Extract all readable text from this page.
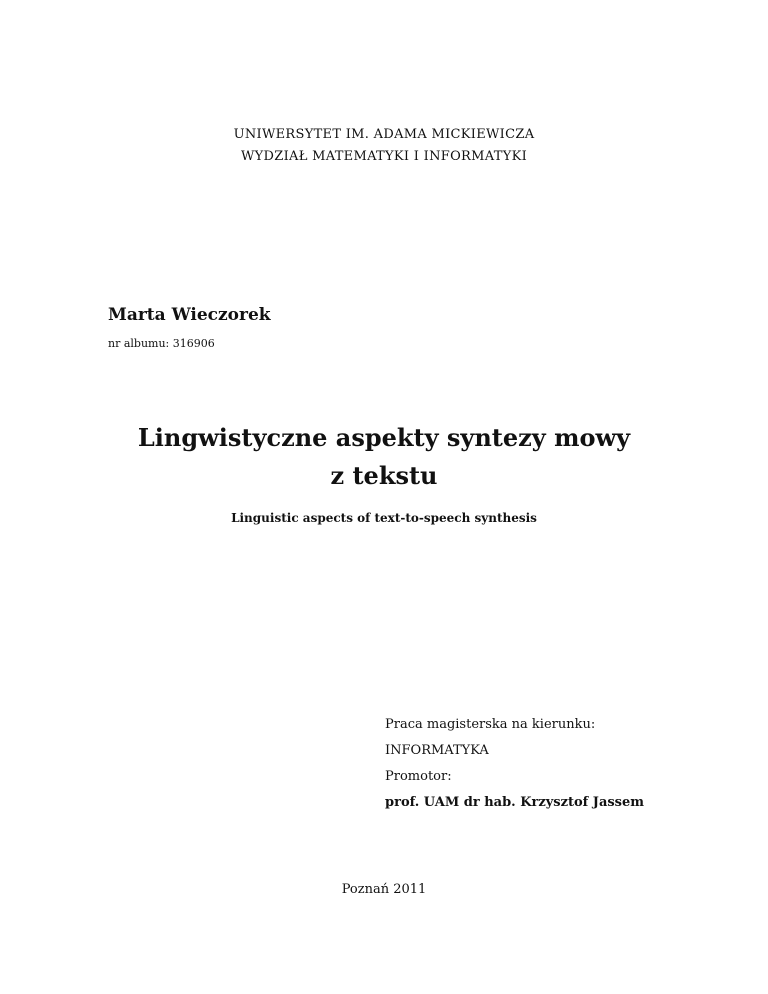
UNIWERSYTET IM. ADAMA MICKIEWICZA
WYDZIAŁ MATEMATYKI I INFORMATYKI
Marta Wieczorek
nr albumu: 316906
Lingwistyczne aspekty syntezy mowy
z tekstu
Linguistic aspects of text-to-speech synthesis
Praca magisterska na kierunku:
INFORMATYKA
Promotor:
prof. UAM dr hab. Krzysztof Jassem
Poznań 2011
